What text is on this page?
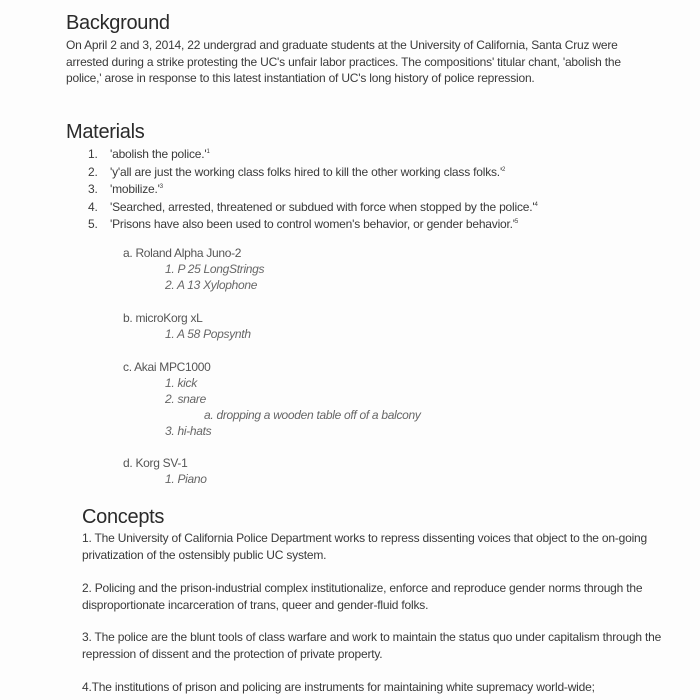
Background

On April 2 and 3, 2014, 22 undergrad and graduate students at the University of California, Santa Cruz were arrested during a strike protesting the UC's unfair labor practices. The compositions' titular chant, 'abolish the police,' arose in response to this latest instantiation of UC's long history of police repression.

Materials
1. 'abolish the $police.'^1$
2. 'y'all are just the working class folks hired to kill the other working class $folks.'^2$
3. '$mobilize.'^3$
4. 'Searched, arrested, threatened or subdued with force when stopped by the $police.'^4$
5. 'Prisons have also been used to control women's behavior, or gender $behavior.'^5$
a. Roland Alpha Juno-2
1. P 25 LongStrings
2. A 13 Xylophone
b. microKorg xL
1. A 58 Popsynth
c. Akai MPC1000
1. kick
2. snare
a. dropping a wooden table off of a balcony
3. hi-hats
d. Korg SV-1
1. Piano
Concepts
1. The University of California Police Department works to repress dissenting voices that object to the on-going privatization of the ostensibly public UC system.
2. Policing and the prison-industrial complex institutionalize, enforce and reproduce gender norms through the disproportionate incarceration of trans, queer and gender-fluid folks.
3. The police are the blunt tools of class warfare and work to maintain the status quo under capitalism through the repression of dissent and the protection of private property.
4.The institutions of prison and policing are instruments for maintaining white supremacy world-wide;
